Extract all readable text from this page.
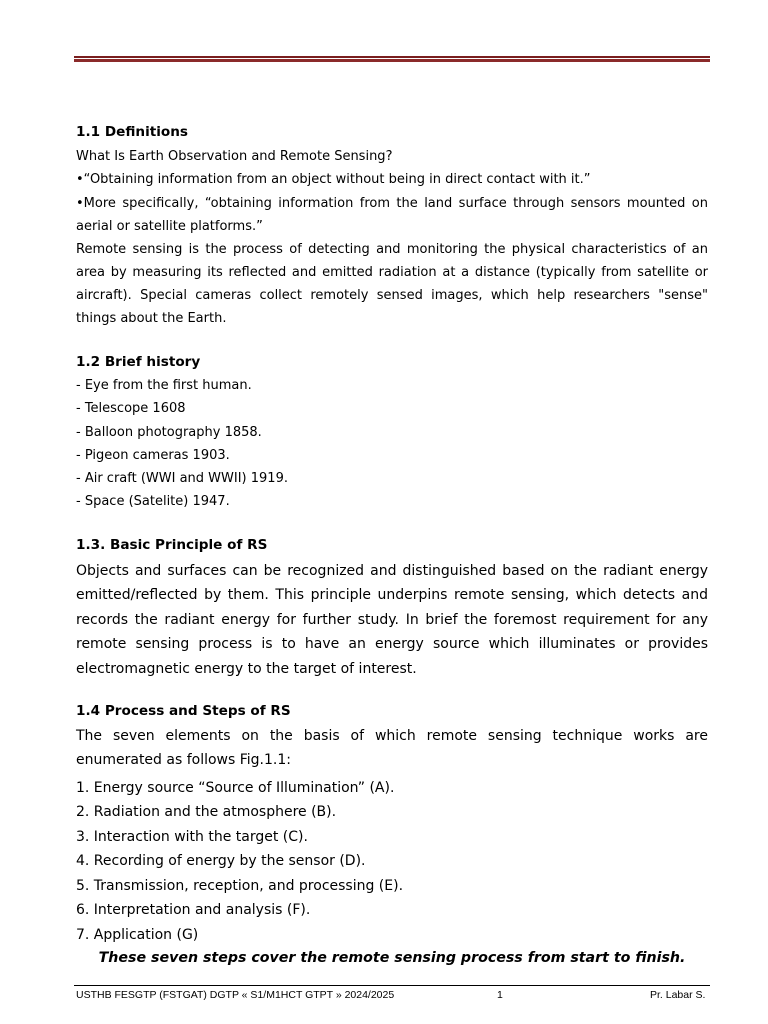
1.1 Definitions
What Is Earth Observation and Remote Sensing?
•“Obtaining information from an object without being in direct contact with it.”
•More specifically, “obtaining information from the land surface through sensors mounted on aerial or satellite platforms.”
Remote sensing is the process of detecting and monitoring the physical characteristics of an area by measuring its reflected and emitted radiation at a distance (typically from satellite or aircraft). Special cameras collect remotely sensed images, which help researchers "sense" things about the Earth.
1.2 Brief history
- Eye from the first human.
- Telescope 1608
- Balloon photography 1858.
- Pigeon cameras 1903.
- Air craft (WWI and WWII) 1919.
- Space (Satelite) 1947.
1.3. Basic Principle of RS
Objects and surfaces can be recognized and distinguished based on the radiant energy emitted/reflected by them. This principle underpins remote sensing, which detects and records the radiant energy for further study. In brief the foremost requirement for any remote sensing process is to have an energy source which illuminates or provides electromagnetic energy to the target of interest.
1.4 Process and Steps of RS
The seven elements on the basis of which remote sensing technique works are enumerated as follows Fig.1.1:
1. Energy source “Source of Illumination” (A).
2. Radiation and the atmosphere (B).
3. Interaction with the target (C).
4. Recording of energy by the sensor (D).
5. Transmission, reception, and processing (E).
6. Interpretation and analysis (F).
7. Application (G)
These seven steps cover the remote sensing process from start to finish.
USTHB FESGTP (FSTGAT) DGTP « S1/M1HCT GTPT » 2024/2025	1	Pr. Labar S.
